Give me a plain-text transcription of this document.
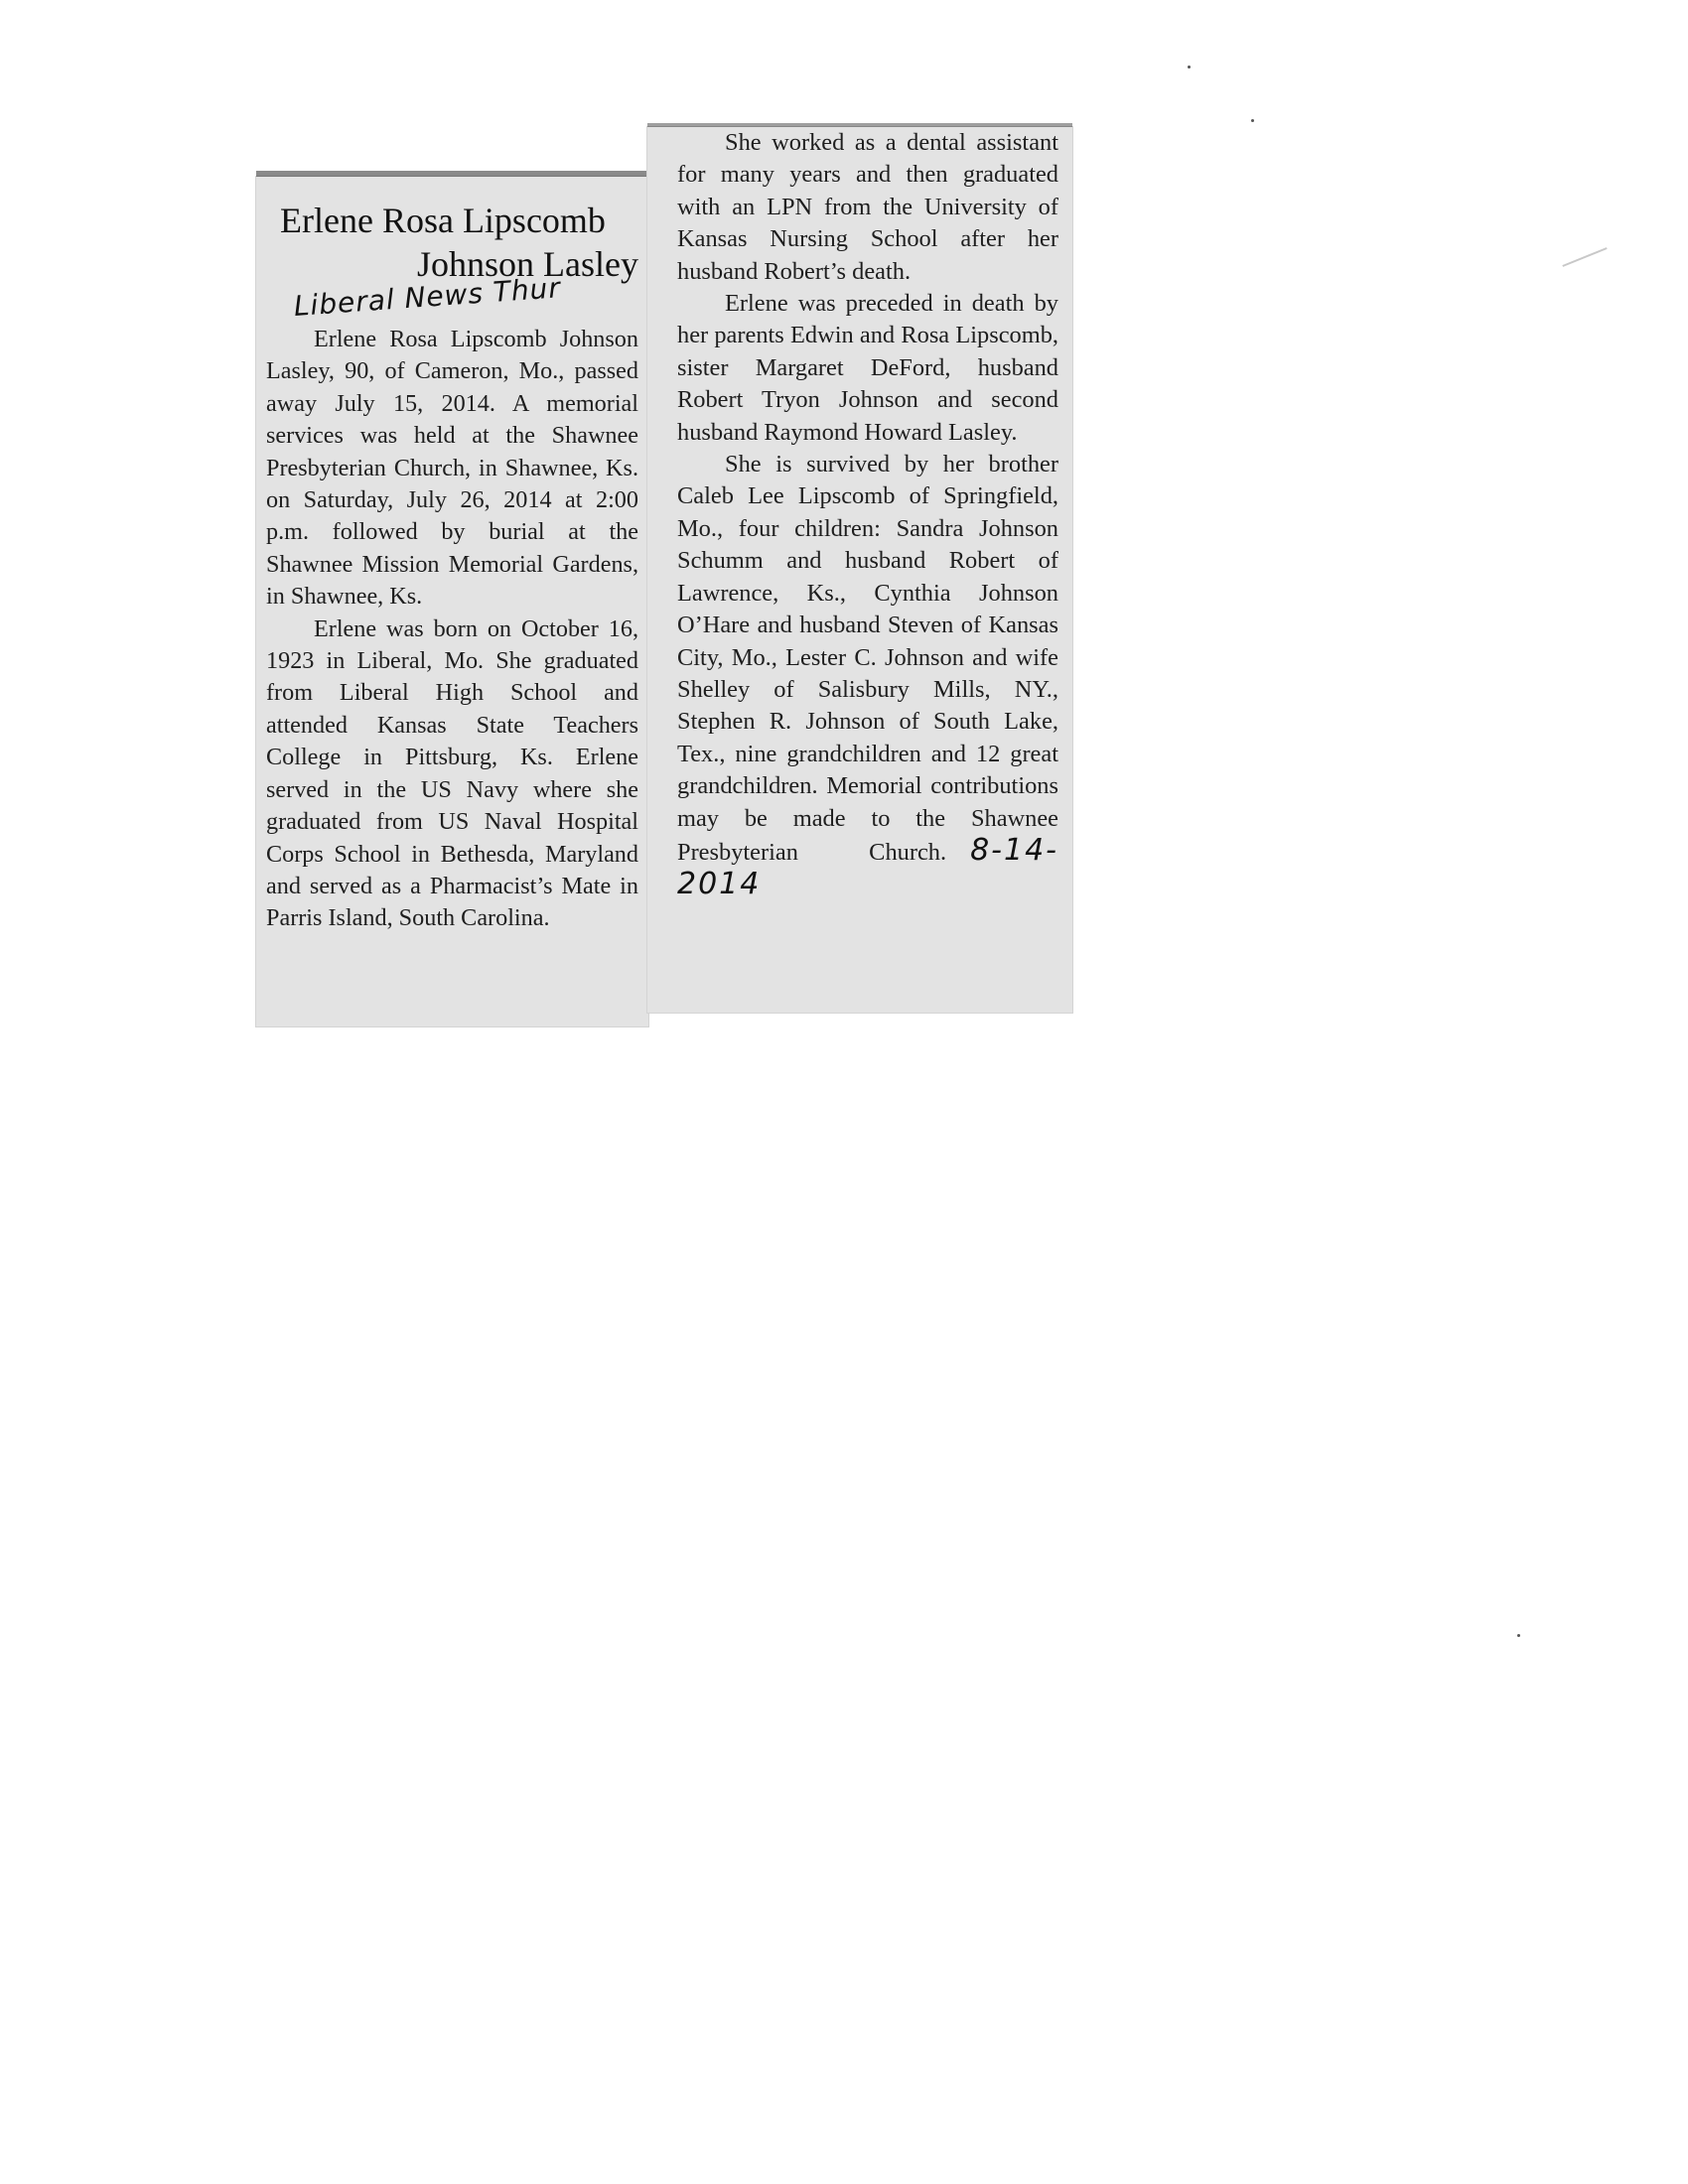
Erlene Rosa Lipscomb
Johnson Lasley
Liberal News Thur

Erlene Rosa Lipscomb Johnson Lasley, 90, of Cameron, Mo., passed away July 15, 2014. A memorial services was held at the Shawnee Presbyterian Church, in Shawnee, Ks. on Saturday, July 26, 2014 at 2:00 p.m. followed by burial at the Shawnee Mission Memorial Gardens, in Shawnee, Ks.

Erlene was born on October 16, 1923 in Liberal, Mo. She graduated from Liberal High School and attended Kansas State Teachers College in Pittsburg, Ks. Erlene served in the US Navy where she graduated from US Naval Hospital Corps School in Bethesda, Maryland and served as a Pharmacist’s Mate in Parris Island, South Carolina.

She worked as a dental assistant for many years and then graduated with an LPN from the University of Kansas Nursing School after her husband Robert’s death.

Erlene was preceded in death by her parents Edwin and Rosa Lipscomb, sister Margaret DeFord, husband Robert Tryon Johnson and second husband Raymond Howard Lasley.

She is survived by her brother Caleb Lee Lipscomb of Springfield, Mo., four children: Sandra Johnson Schumm and husband Robert of Lawrence, Ks., Cynthia Johnson O’Hare and husband Steven of Kansas City, Mo., Lester C. Johnson and wife Shelley of Salisbury Mills, NY., Stephen R. Johnson of South Lake, Tex., nine grandchildren and 12 great grandchildren. Memorial contributions may be made to the Shawnee Presbyterian Church. 8-14-2014
